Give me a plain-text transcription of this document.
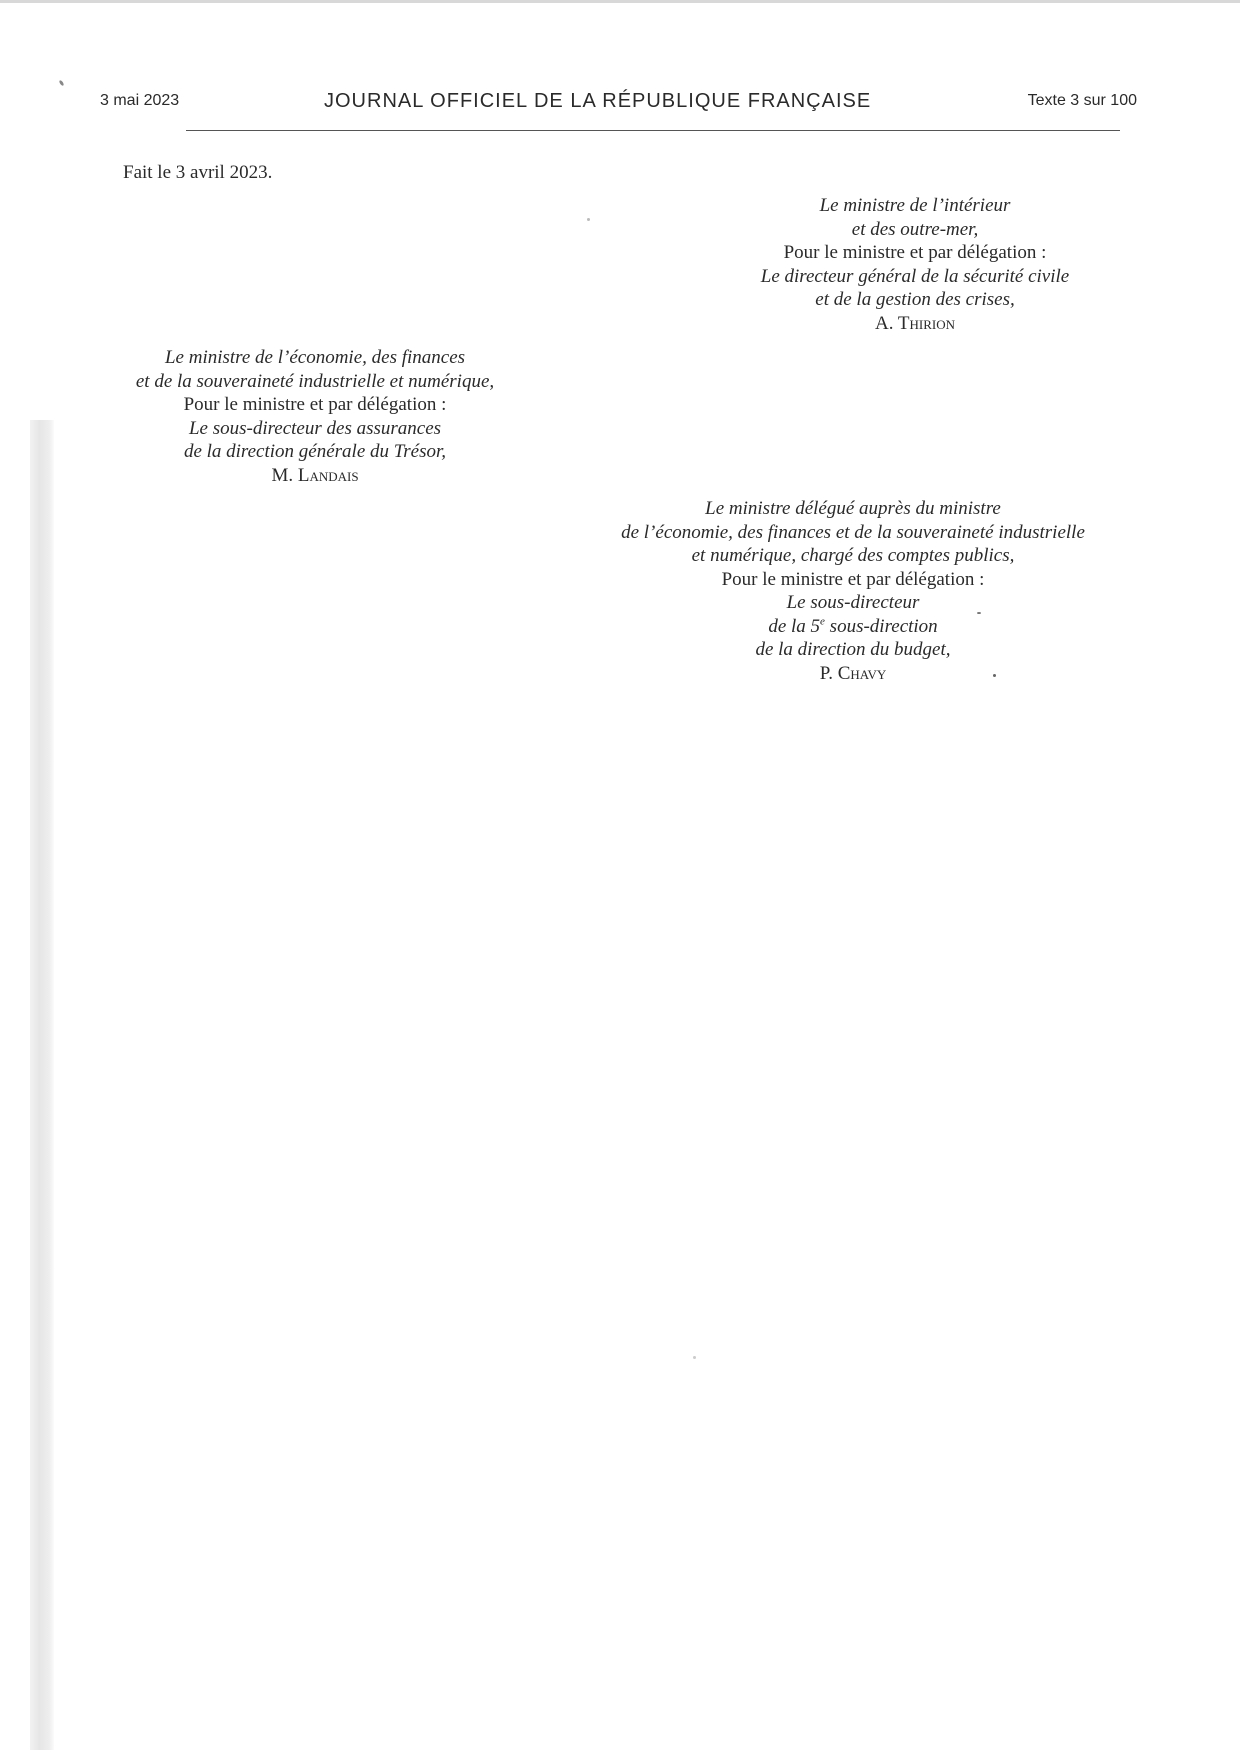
3 mai 2023	JOURNAL OFFICIEL DE LA RÉPUBLIQUE FRANÇAISE	Texte 3 sur 100
Fait le 3 avril 2023.
Le ministre de l’intérieur
et des outre-mer,
Pour le ministre et par délégation :
Le directeur général de la sécurité civile
et de la gestion des crises,
A. Thirion
Le ministre de l’économie, des finances
et de la souveraineté industrielle et numérique,
Pour le ministre et par délégation :
Le sous-directeur des assurances
de la direction générale du Trésor,
M. Landais
Le ministre délégué auprès du ministre
de l’économie, des finances et de la souveraineté industrielle
et numérique, chargé des comptes publics,
Pour le ministre et par délégation :
Le sous-directeur
de la 5e sous-direction
de la direction du budget,
P. Chavy
